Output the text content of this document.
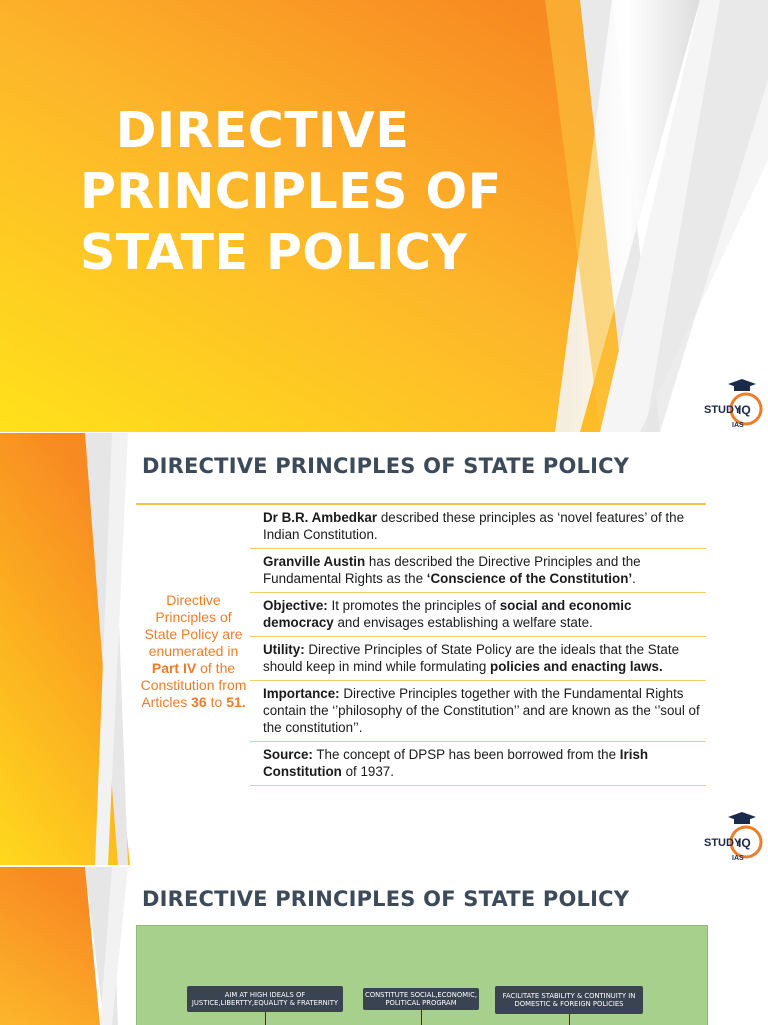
DIRECTIVE
PRINCIPLES OF
STATE POLICY
STUDY
IQ
IAS
DIRECTIVE PRINCIPLES OF STATE POLICY
Directive Principles of State Policy are enumerated in Part IV of the Constitution from Articles 36 to 51.
Dr B.R. Ambedkar described these principles as ‘novel features’ of the Indian Constitution.
Granville Austin has described the Directive Principles and the Fundamental Rights as the ‘Conscience of the Constitution’.
Objective: It promotes the principles of social and economic democracy and envisages establishing a welfare state.
Utility: Directive Principles of State Policy are the ideals that the State should keep in mind while formulating policies and enacting laws.
Importance: Directive Principles together with the Fundamental Rights contain the ‘’philosophy of the Constitution’’ and are known as the ‘’soul of the constitution’’.
Source: The concept of DPSP has been borrowed from the Irish Constitution of 1937.
STUDY
IQ
IAS
DIRECTIVE PRINCIPLES OF STATE POLICY
AIM AT HIGH IDEALS OF JUSTICE,LIBERTTY,EQUALITY & FRATERNITY
CONSTITUTE SOCIAL,ECONOMIC, POLITICAL PROGRAM
FACILITATE STABILITY & CONTINUITY IN DOMESTIC & FOREIGN POLICIES
